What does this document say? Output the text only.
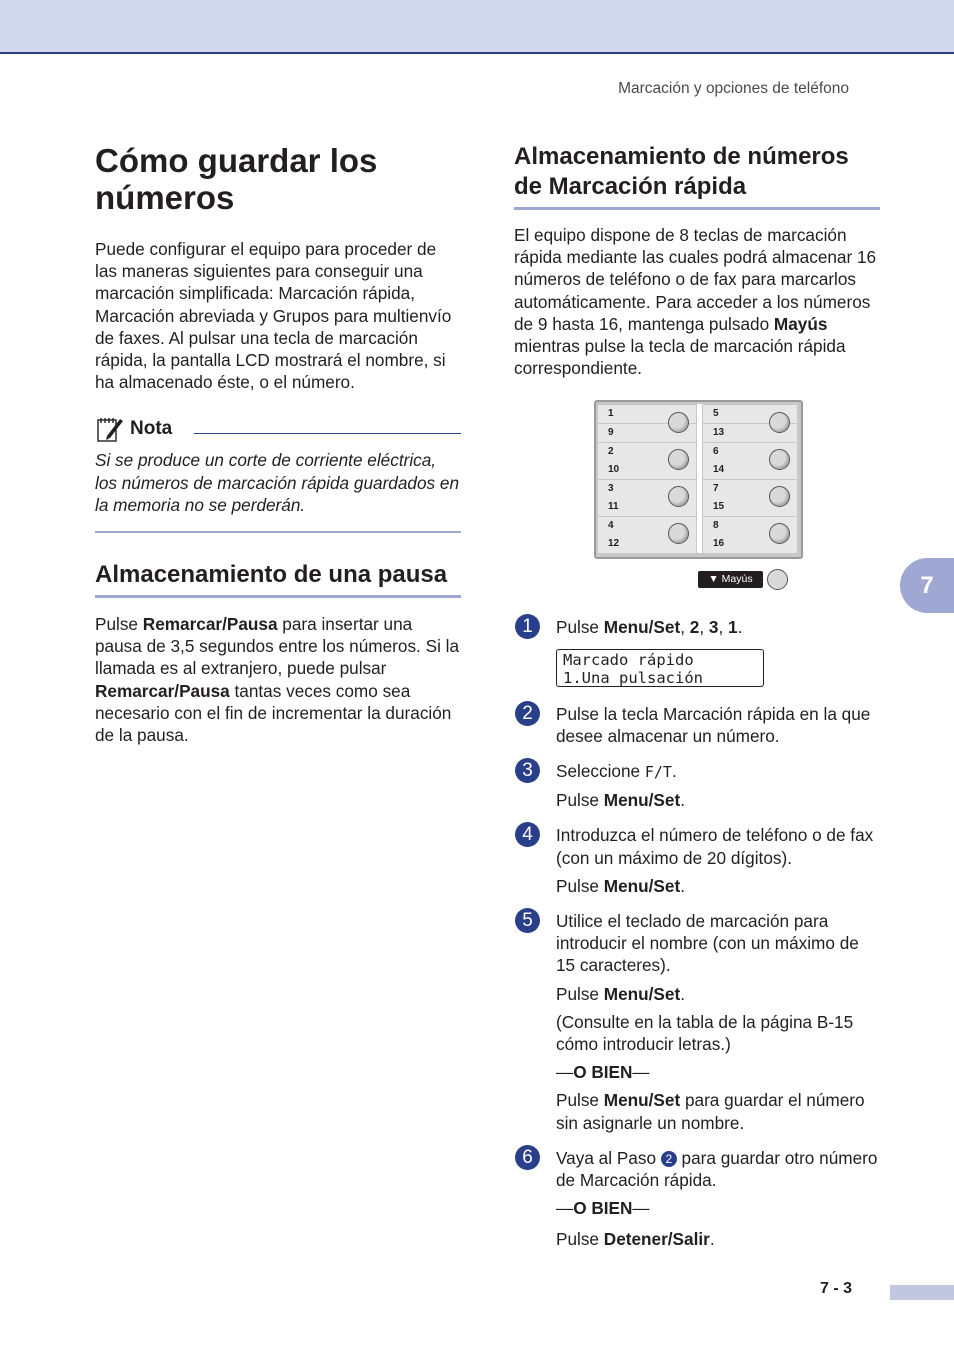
Marcación y opciones de teléfono
Cómo guardar los números

Puede configurar el equipo para proceder de las maneras siguientes para conseguir una marcación simplificada: Marcación rápida, Marcación abreviada y Grupos para multienvío de faxes. Al pulsar una tecla de marcación rápida, la pantalla LCD mostrará el nombre, si ha almacenado éste, o el número.

Nota

Si se produce un corte de corriente eléctrica, los números de marcación rápida guardados en la memoria no se perderán.

Almacenamiento de una pausa

Pulse Remarcar/Pausa para insertar una pausa de 3,5 segundos entre los números. Si la llamada es al extranjero, puede pulsar Remarcar/Pausa tantas veces como sea necesario con el fin de incrementar la duración de la pausa.

Almacenamiento de números de Marcación rápida

El equipo dispone de 8 teclas de marcación rápida mediante las cuales podrá almacenar 16 números de teléfono o de fax para marcarlos automáticamente. Para acceder a los números de 9 hasta 16, mantenga pulsado Mayús mientras pulse la tecla de marcación rápida correspondiente.

1
9
2
10
3
11
4
12
5
13
6
14
7
15
8
16
▼ Mayús
1	Pulse Menu/Set, 2, 3, 1.

Marcado rápido
1.Una pulsación
2	Pulse la tecla Marcación rápida en la que desee almacenar un número.

3	Seleccione F/T.

Pulse Menu/Set.

4	Introduzca el número de teléfono o de fax (con un máximo de 20 dígitos).

Pulse Menu/Set.

5	Utilice el teclado de marcación para introducir el nombre (con un máximo de 15 caracteres).

Pulse Menu/Set.

(Consulte en la tabla de la página B-15 cómo introducir letras.)

—O BIEN—

Pulse Menu/Set para guardar el número sin asignarle un nombre.

6	Vaya al Paso 2 para guardar otro número de Marcación rápida.

—O BIEN—

Pulse Detener/Salir.

7
7 - 3
